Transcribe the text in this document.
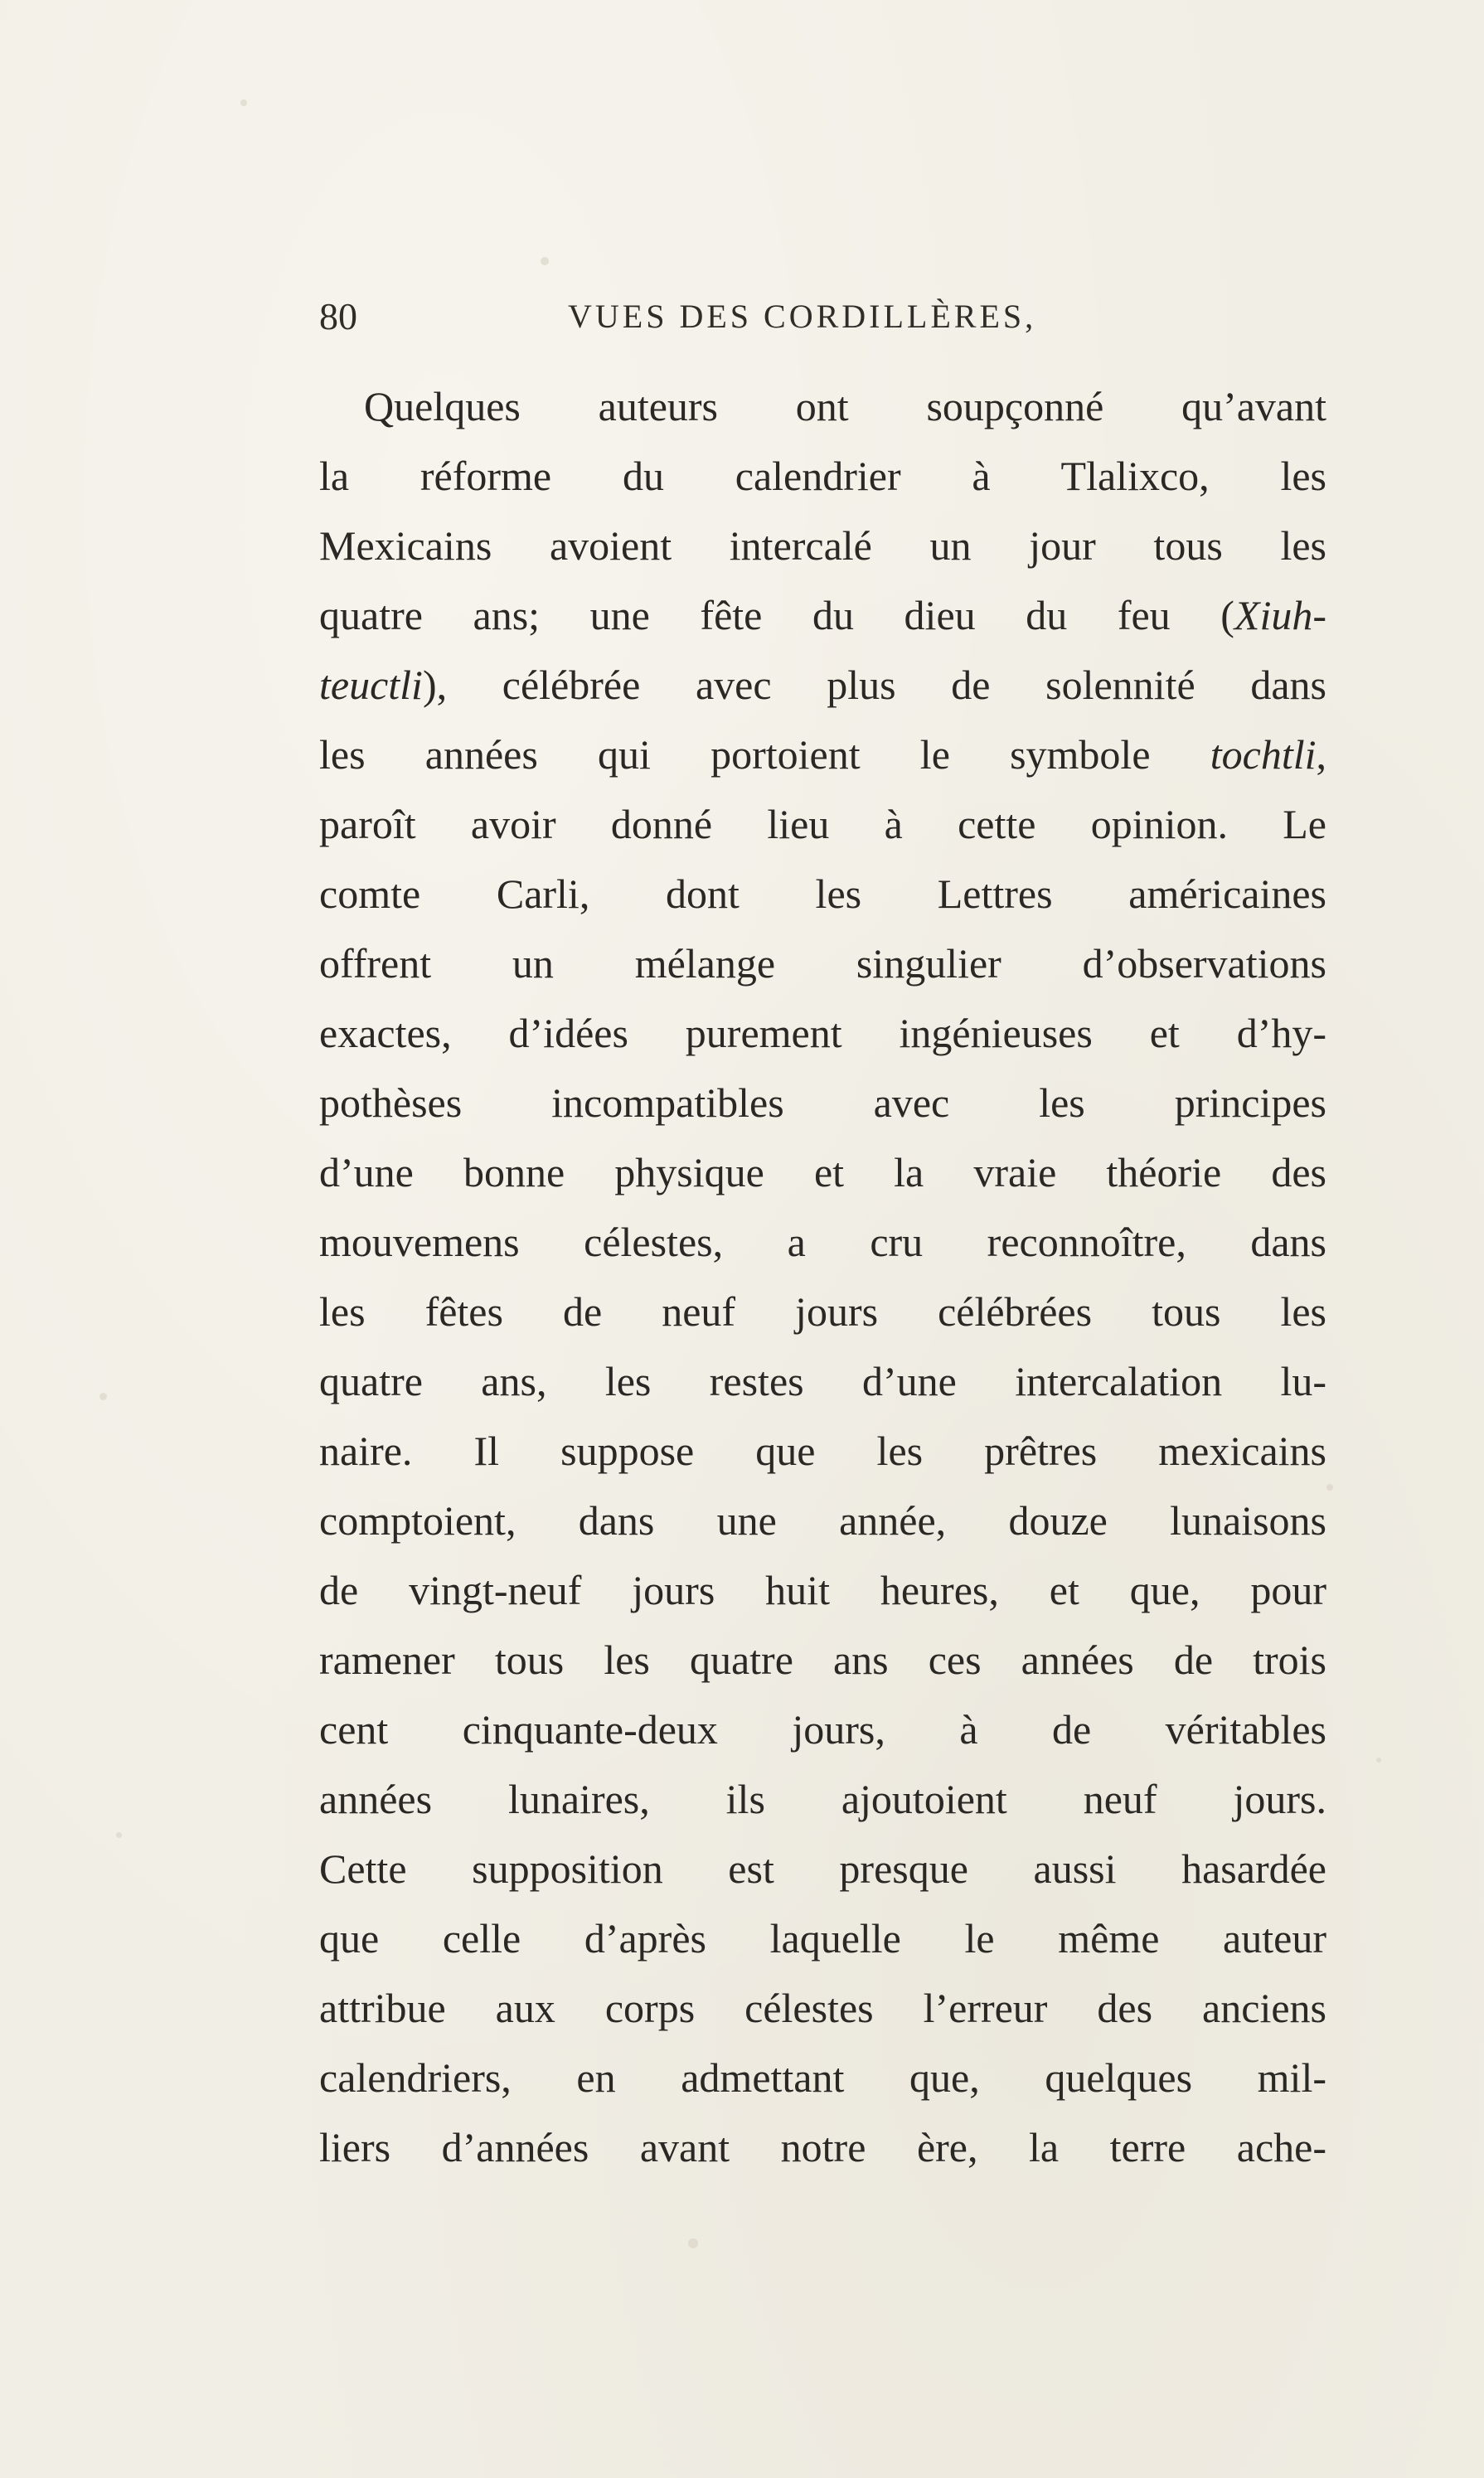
80	VUES DES CORDILLÈRES,
Quelques auteurs ont soupçonné qu’avant
la réforme du calendrier à Tlalixco, les
Mexicains avoient intercalé un jour tous les
quatre ans; une fête du dieu du feu (Xiuh-
teuctli), célébrée avec plus de solennité dans
les années qui portoient le symbole tochtli,
paroît avoir donné lieu à cette opinion. Le
comte Carli, dont les Lettres américaines
offrent un mélange singulier d’observations
exactes, d’idées purement ingénieuses et d’hy-
pothèses incompatibles avec les principes
d’une bonne physique et la vraie théorie des
mouvemens célestes, a cru reconnoître, dans
les fêtes de neuf jours célébrées tous les
quatre ans, les restes d’une intercalation lu-
naire. Il suppose que les prêtres mexicains
comptoient, dans une année, douze lunaisons
de vingt-neuf jours huit heures, et que, pour
ramener tous les quatre ans ces années de trois
cent cinquante-deux jours, à de véritables
années lunaires, ils ajoutoient neuf jours.
Cette supposition est presque aussi hasardée
que celle d’après laquelle le même auteur
attribue aux corps célestes l’erreur des anciens
calendriers, en admettant que, quelques mil-
liers d’années avant notre ère, la terre ache-
